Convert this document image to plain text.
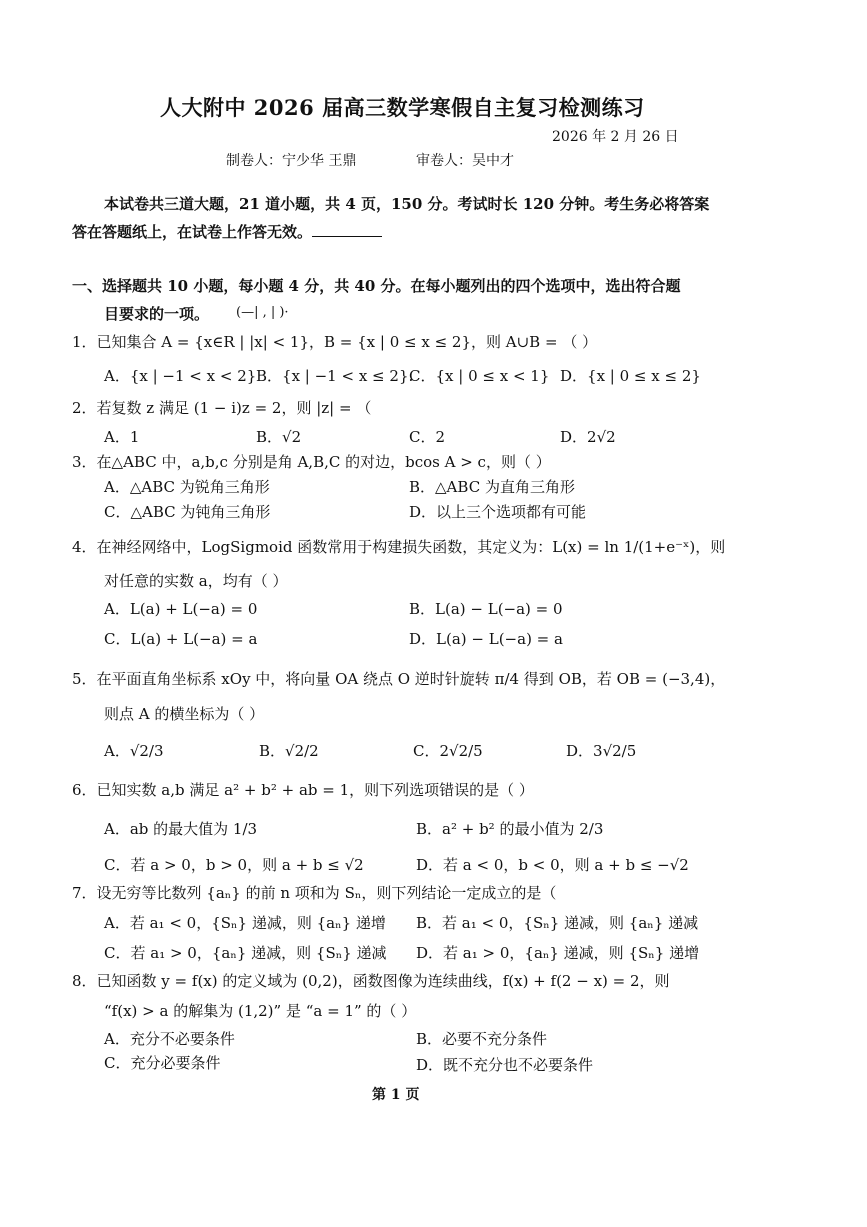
人大附中 2026 届高三数学寒假自主复习检测练习
2026 年 2 月 26 日
制卷人：宁少华 王鼎	审卷人：吴中才
本试卷共三道大题，21 道小题，共 4 页，150 分。考试时长 120 分钟。考生务必将答案
答在答题纸上，在试卷上作答无效。
一、选择题共 10 小题，每小题 4 分，共 40 分。在每小题列出的四个选项中，选出符合题
目要求的一项。 (—| , | )·
1．已知集合 A = {x∈R | |x| < 1}，B = {x | 0 ≤ x ≤ 2}，则 A∪B = （ ）
A．{x | −1 < x < 2} B．{x | −1 < x ≤ 2}.
C．{x | 0 ≤ x < 1} D．{x | 0 ≤ x ≤ 2}
2．若复数 z 满足 (1 − i)z = 2，则 |z| = （
A．1	B．√2	C．2	D．2√2
3．在△ABC 中，a,b,c 分别是角 A,B,C 的对边，bcos A > c，则（ ）
A．△ABC 为锐角三角形	B．△ABC 为直角三角形
C．△ABC 为钝角三角形	D．以上三个选项都有可能
4．在神经网络中，LogSigmoid 函数常用于构建损失函数，其定义为：L(x) = ln 1/(1+e⁻ˣ)，则
对任意的实数 a，均有（ ）
A．L(a) + L(−a) = 0	B．L(a) − L(−a) = 0
C．L(a) + L(−a) = a	D．L(a) − L(−a) = a
5．在平面直角坐标系 xOy 中，将向量 OA 绕点 O 逆时针旋转 π/4 得到 OB，若 OB = (−3,4)，
则点 A 的横坐标为（ ）
A．√2/3	B．√2/2	C．2√2/5	D．3√2/5
6．已知实数 a,b 满足 a² + b² + ab = 1，则下列选项错误的是（ ）
A．ab 的最大值为 1/3	B．a² + b² 的最小值为 2/3
C．若 a > 0，b > 0，则 a + b ≤ √2	D．若 a < 0，b < 0，则 a + b ≤ −√2
7．设无穷等比数列 {aₙ} 的前 n 项和为 Sₙ，则下列结论一定成立的是（
A．若 a₁ < 0，{Sₙ} 递减，则 {aₙ} 递增 B．若 a₁ < 0，{Sₙ} 递减，则 {aₙ} 递减
C．若 a₁ > 0，{aₙ} 递减，则 {Sₙ} 递减 D．若 a₁ > 0，{aₙ} 递减，则 {Sₙ} 递增
8．已知函数 y = f(x) 的定义域为 (0,2)，函数图像为连续曲线，f(x) + f(2 − x) = 2，则
“f(x) > a 的解集为 (1,2)” 是 “a = 1” 的（ ）
A．充分不必要条件	B．必要不充分条件
C．充分必要条件	D．既不充分也不必要条件
第 1 页
